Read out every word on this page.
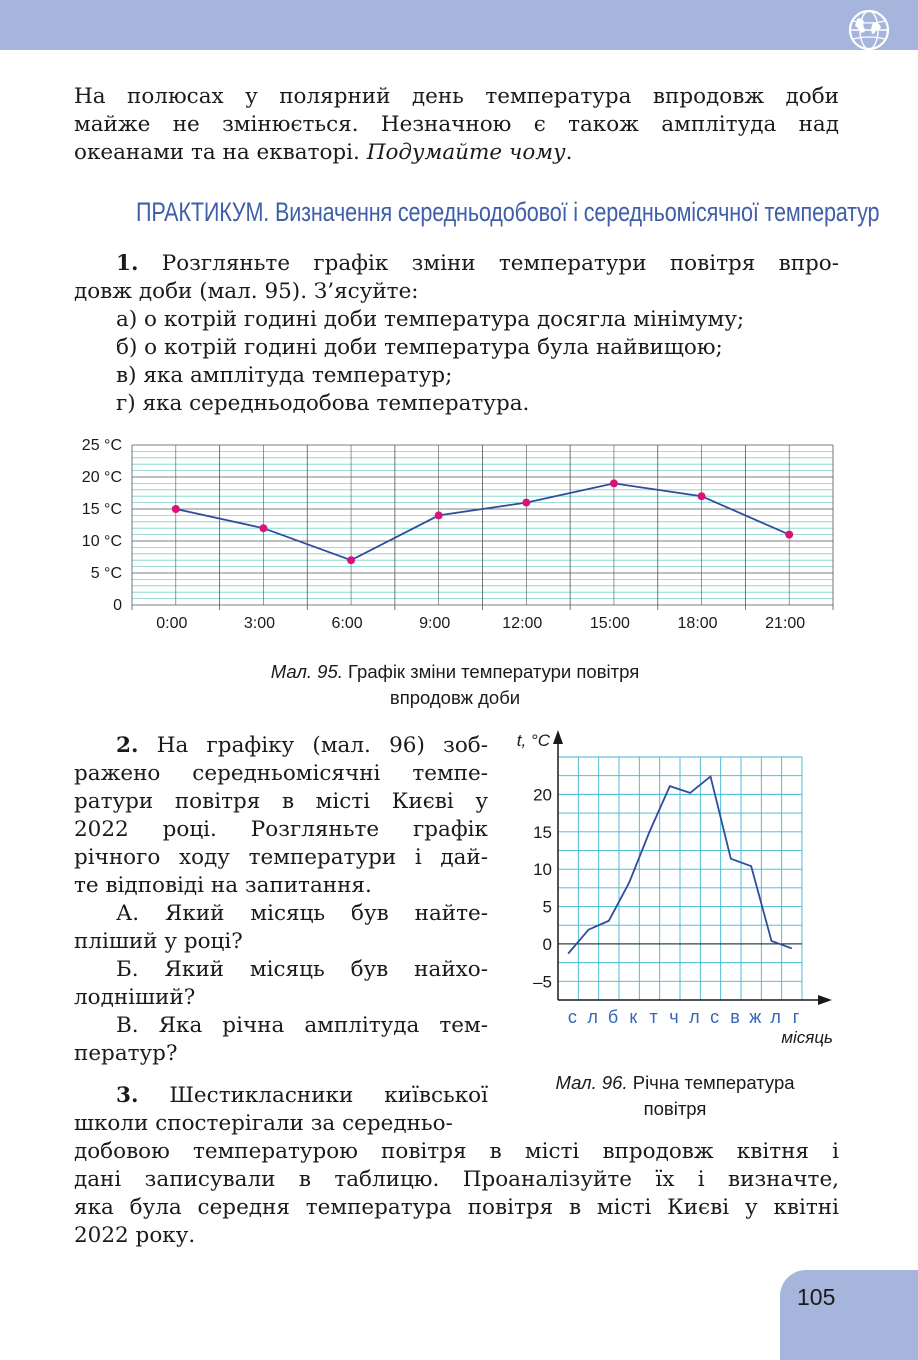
На полюсах у полярний день температура впродовж доби
майже не змінюється. Незначною є також амплітуда над
океанами та на екваторі. Подумайте чому.
ПРАКТИКУМ. Визначення середньодобової і середньомісячної температур
1. Розгляньте графік зміни температури повітря впро-
довж доби (мал. 95). З’ясуйте:
а) о котрій годині доби температура досягла мінімуму;
б) о котрій годині доби температура була найвищою;
в) яка амплітуда температур;
г) яка середньодобова температура.
0
5 °C
10 °C
15 °C
20 °C
25 °C
0:00	3:00	6:00	9:00	12:00	15:00	18:00	21:00
Мал. 95. Графік зміни температури повітря
впродовж доби
2. На графіку (мал. 96) зоб-
ражено середньомісячні темпе-
ратури повітря в місті Києві у
2022 році. Розгляньте графік
річного ходу температури і дай-
те відповіді на запитання.
А. Який місяць був найте-
пліший у році?
Б. Який місяць був найхо-
лодніший?
В. Яка річна амплітуда тем-
ператур?
t, °C
–5
0
5
10
15
20
с л б к т ч л с в ж л г
місяць
Мал. 96. Річна температура
повітря
3. Шестикласники київської
школи спостерігали за середньо-
добовою температурою повітря в місті впродовж квітня і
дані записували в таблицю. Проаналізуйте їх і визначте,
яка була середня температура повітря в місті Києві у квітні
2022 року.
105
